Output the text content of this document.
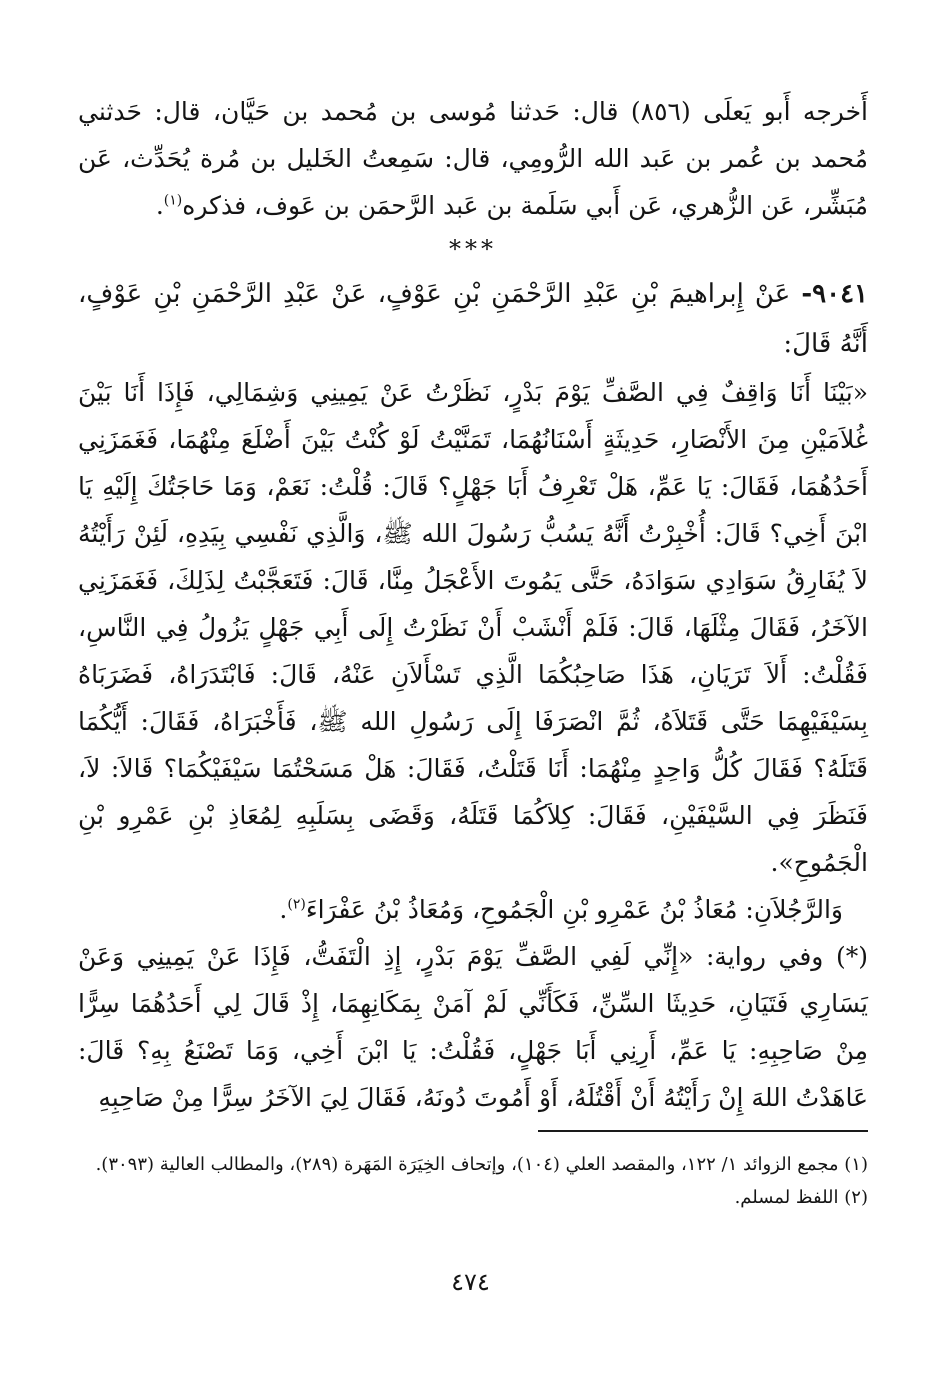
أَخرجه أَبو يَعلَى (٨٥٦) قال: حَدثنا مُوسى بن مُحمد بن حَيَّان، قال: حَدثني مُحمد بن عُمر بن عَبد الله الرُّومِي، قال: سَمِعتُ الخَليل بن مُرة يُحَدِّث، عَن مُبَشِّر، عَن الزُّهري، عَن أَبي سَلَمة بن عَبد الرَّحمَن بن عَوف، فذكره$^{(١)}$.

***

٩٠٤١- عَنْ إِبراهيمَ بْنِ عَبْدِ الرَّحْمَنِ بْنِ عَوْفٍ، عَنْ عَبْدِ الرَّحْمَنِ بْنِ عَوْفٍ، أَنَّهُ قَالَ:

«بَيْنَا أَنَا وَاقِفٌ فِي الصَّفِّ يَوْمَ بَدْرٍ، نَظَرْتُ عَنْ يَمِينِي وَشِمَالِي، فَإِذَا أَنَا بَيْنَ غُلاَمَيْنِ مِنَ الأَنْصَارِ، حَدِيثَةٍ أَسْنَانُهُمَا، تَمَنَّيْتُ لَوْ كُنْتُ بَيْنَ أَضْلَعَ مِنْهُمَا، فَغَمَزَنِي أَحَدُهُمَا، فَقَالَ: يَا عَمِّ، هَلْ تَعْرِفُ أَبَا جَهْلٍ؟ قَالَ: قُلْتُ: نَعَمْ، وَمَا حَاجَتُكَ إِلَيْهِ يَا ابْنَ أَخِي؟ قَالَ: أُخْبِرْتُ أَنَّهُ يَسُبُّ رَسُولَ الله ﷺ، وَالَّذِي نَفْسِي بِيَدِهِ، لَئِنْ رَأَيْتُهُ لاَ يُفَارِقُ سَوَادِي سَوَادَهُ، حَتَّى يَمُوتَ الأَعْجَلُ مِنَّا، قَالَ: فَتَعَجَّبْتُ لِذَلِكَ، فَغَمَزَنِي الآخَرُ، فَقَالَ مِثْلَهَا، قَالَ: فَلَمْ أَنْشَبْ أَنْ نَظَرْتُ إِلَى أَبِي جَهْلٍ يَزُولُ فِي النَّاسِ، فَقُلْتُ: أَلاَ تَرَيَانِ، هَذَا صَاحِبُكُمَا الَّذِي تَسْأَلاَنِ عَنْهُ، قَالَ: فَابْتَدَرَاهُ، فَضَرَبَاهُ بِسَيْفَيْهِمَا حَتَّى قَتَلاَهُ، ثُمَّ انْصَرَفَا إِلَى رَسُولِ الله ﷺ، فَأَخْبَرَاهُ، فَقَالَ: أَيُّكُمَا قَتَلَهُ؟ فَقَالَ كُلُّ وَاحِدٍ مِنْهُمَا: أَنَا قَتَلْتُ، فَقَالَ: هَلْ مَسَحْتُمَا سَيْفَيْكُمَا؟ قَالاَ: لاَ، فَنَظَرَ فِي السَّيْفَيْنِ، فَقَالَ: كِلاَكُمَا قَتَلَهُ، وَقَضَى بِسَلَبِهِ لِمُعَاذِ بْنِ عَمْرِو بْنِ الْجَمُوحِ».

 وَالرَّجُلاَنِ: مُعَاذُ بْنُ عَمْرِو بْنِ الْجَمُوحِ، وَمُعَاذُ بْنُ عَفْرَاءَ$^{(٢)}$.

(*) وفي رواية: «إِنِّي لَفِي الصَّفِّ يَوْمَ بَدْرٍ، إِذِ الْتَفَتُّ، فَإِذَا عَنْ يَمِينِي وَعَنْ يَسَارِي فَتَيَانِ، حَدِيثَا السِّنِّ، فَكَأَنِّي لَمْ آمَنْ بِمَكَانِهِمَا، إِذْ قَالَ لِي أَحَدُهُمَا سِرًّا مِنْ صَاحِبِهِ: يَا عَمِّ، أَرِنِي أَبَا جَهْلٍ، فَقُلْتُ: يَا ابْنَ أَخِي، وَمَا تَصْنَعُ بِهِ؟ قَالَ: عَاهَدْتُ اللهَ إِنْ رَأَيْتُهُ أَنْ أَقْتُلَهُ، أَوْ أَمُوتَ دُونَهُ، فَقَالَ لِيَ الآخَرُ سِرًّا مِنْ صَاحِبِهِ

(١) مجمع الزوائد ١/ ١٢٢، والمقصد العلي (١٠٤)، وإتحاف الخِيَرَة المَهَرة (٢٨٩)، والمطالب العالية (٣٠٩٣).

(٢) اللفظ لمسلم.

٤٧٤
